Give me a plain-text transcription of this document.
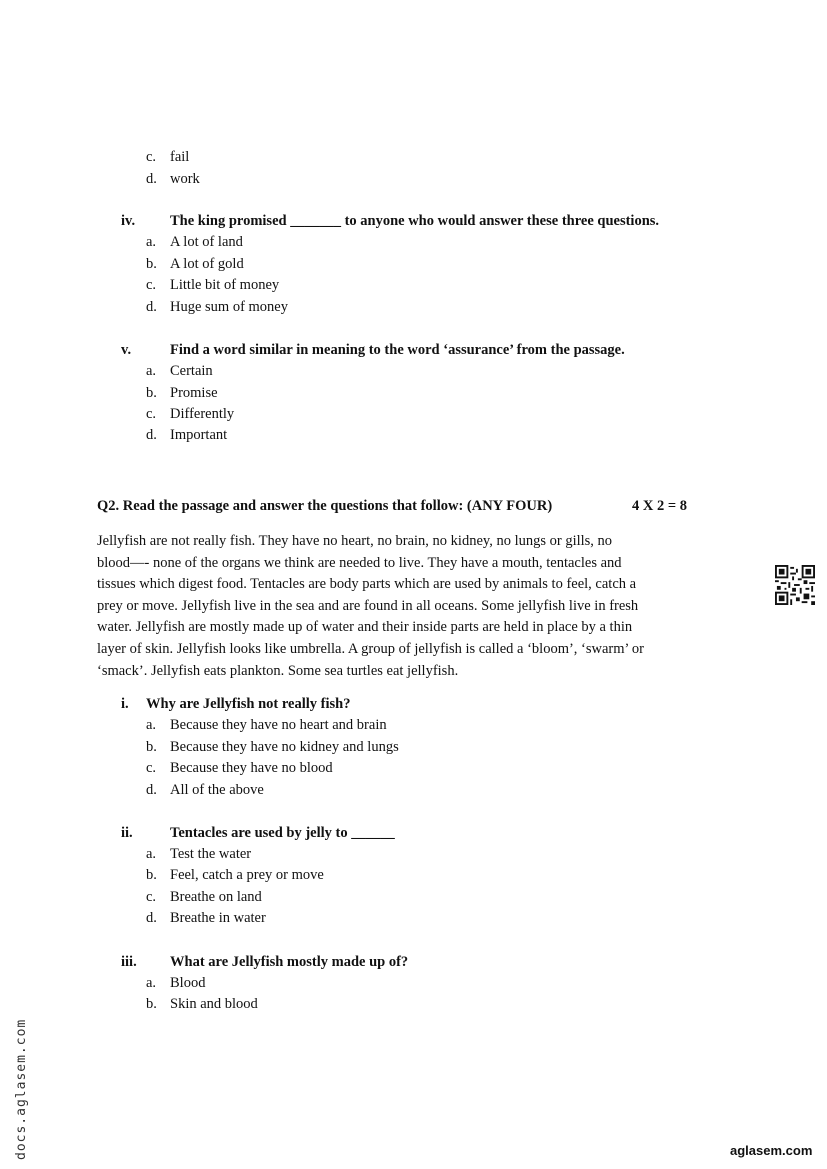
c. fail
d. work
iv. The king promised _______ to anyone who would answer these three questions.
a. A lot of land
b. A lot of gold
c. Little bit of money
d. Huge sum of money
v.	Find a word similar in meaning to the word ‘assurance’ from the passage.
a. Certain
b. Promise
c. Differently
d. Important
Q2. Read the passage and answer the questions that follow: (ANY FOUR)	4 X 2 = 8
Jellyfish are not really fish. They have no heart, no brain, no kidney, no lungs or gills, no
blood—- none of the organs we think are needed to live. They have a mouth, tentacles and
tissues which digest food. Tentacles are body parts which are used by animals to feel, catch a
prey or move. Jellyfish live in the sea and are found in all oceans. Some jellyfish live in fresh
water. Jellyfish are mostly made up of water and their inside parts are held in place by a thin
layer of skin. Jellyfish looks like umbrella. A group of jellyfish is called a ‘bloom’, ‘swarm’ or
‘smack’. Jellyfish eats plankton. Some sea turtles eat jellyfish.
i. Why are Jellyfish not really fish?
a. Because they have no heart and brain
b. Because they have no kidney and lungs
c. Because they have no blood
d. All of the above
ii.	Tentacles are used by jelly to ______
a. Test the water
b. Feel, catch a prey or move
c. Breathe on land
d. Breathe in water
iii. What are Jellyfish mostly made up of?
a. Blood
b. Skin and blood
docs.aglasem.com	aglasem.com
